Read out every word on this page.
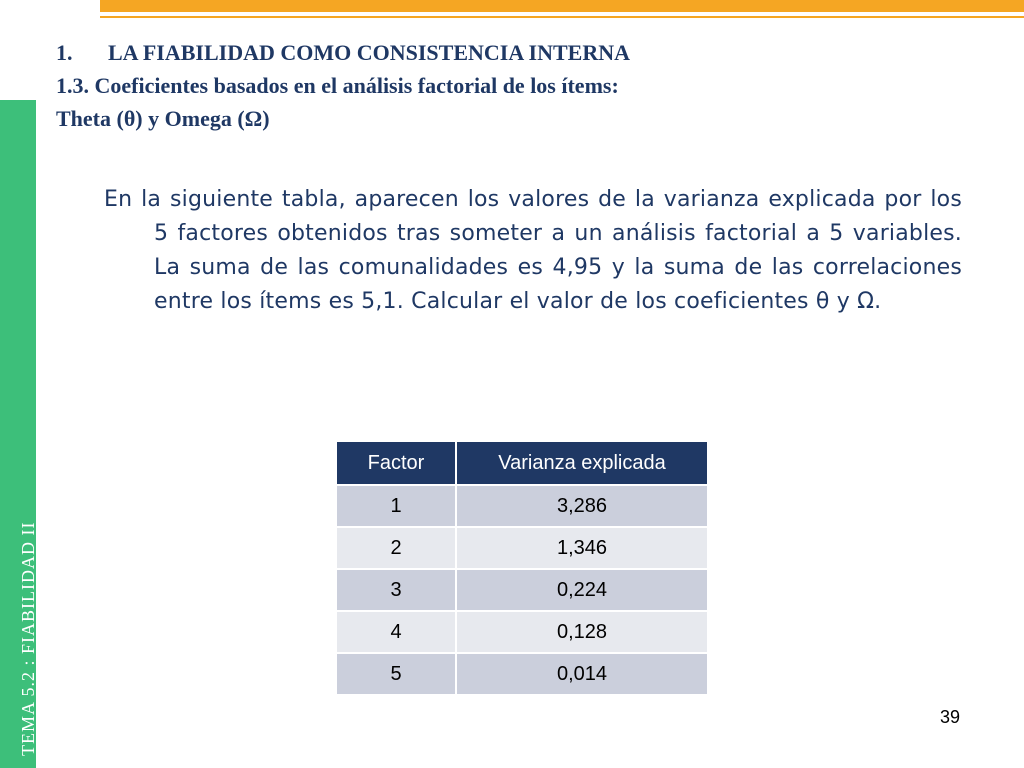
TEMA 5.2 : FIABILIDAD II
1. LA FIABILIDAD COMO CONSISTENCIA INTERNA
1.3. Coeficientes basados en el análisis factorial de los ítems:
Theta (θ) y Omega (Ω)
En la siguiente tabla, aparecen los valores de la varianza explicada por los 5 factores obtenidos tras someter a un análisis factorial a 5 variables. La suma de las comunalidades es 4,95 y la suma de las correlaciones entre los ítems es 5,1. Calcular el valor de los coeficientes θ y Ω.
Factor	Varianza explicada
1	3,286
2	1,346
3	0,224
4	0,128
5	0,014
39
